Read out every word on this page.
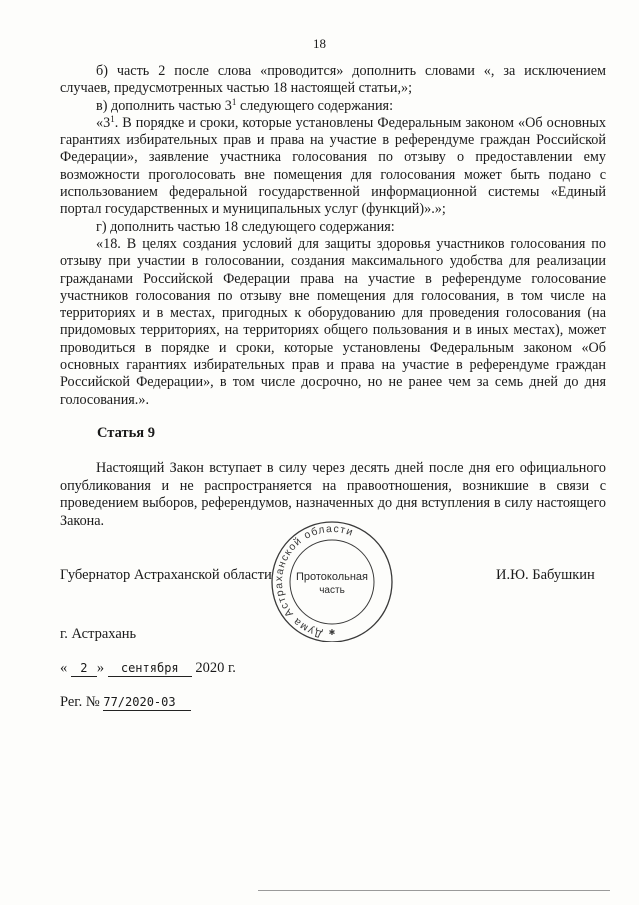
18

б) часть 2 после слова «проводится» дополнить словами «, за исключением случаев, предусмотренных частью 18 настоящей статьи,»;

в) дополнить частью $3^1$ следующего содержания:

«$3^1$. В порядке и сроки, которые установлены Федеральным законом «Об основных гарантиях избирательных прав и права на участие в референдуме граждан Российской Федерации», заявление участника голосования по отзыву о предоставлении ему возможности проголосовать вне помещения для голосования может быть подано с использованием федеральной государственной информационной системы «Единый портал государственных и муниципальных услуг (функций)».»;

г) дополнить частью 18 следующего содержания:

«18. В целях создания условий для защиты здоровья участников голосования по отзыву при участии в голосовании, создания максимального удобства для реализации гражданами Российской Федерации права на участие в референдуме голосование участников голосования по отзыву вне помещения для голосования, в том числе на территориях и в местах, пригодных к оборудованию для проведения голосования (на придомовых территориях, на территориях общего пользования и в иных местах), может проводиться в порядке и сроки, которые установлены Федеральным законом «Об основных гарантиях избирательных прав и права на участие в референдуме граждан Российской Федерации», в том числе досрочно, но не ранее чем за семь дней до дня голосования.».

Статья 9

Настоящий Закон вступает в силу через десять дней после дня его официального опубликования и не распространяется на правоотношения, возникшие в связи с проведением выборов, референдумов, назначенных до дня вступления в силу настоящего Закона.

Губернатор Астраханской области	И.Ю. Бабушкин
Дума Астраханской области
Протокольная
часть
✱
г. Астрахань
« 2 » сентября 2020 г.
Рег. № 77/2020-03
